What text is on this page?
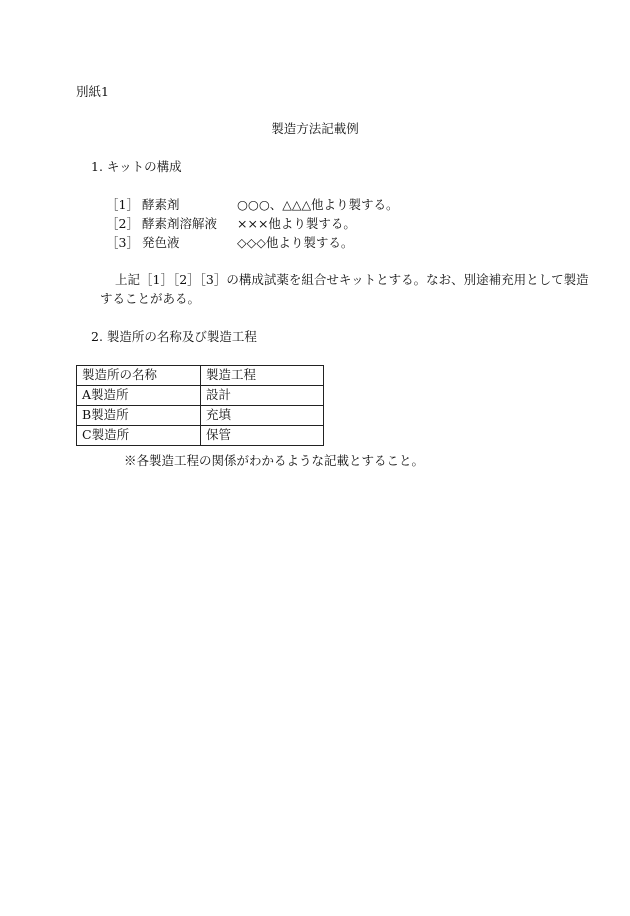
別紙1
製造方法記載例
1. キットの構成
［1］ 酵素剤	○○○、△△△他より製する。
［2］ 酵素剤溶解液 ×××他より製する。
［3］ 発色液	◇◇◇他より製する。
上記［1］［2］［3］の構成試薬を組合せキットとする。なお、別途補充用として製造
することがある。
2. 製造所の名称及び製造工程
製造所の名称	製造工程
A製造所	設計
B製造所	充填
C製造所	保管
※各製造工程の関係がわかるような記載とすること。
